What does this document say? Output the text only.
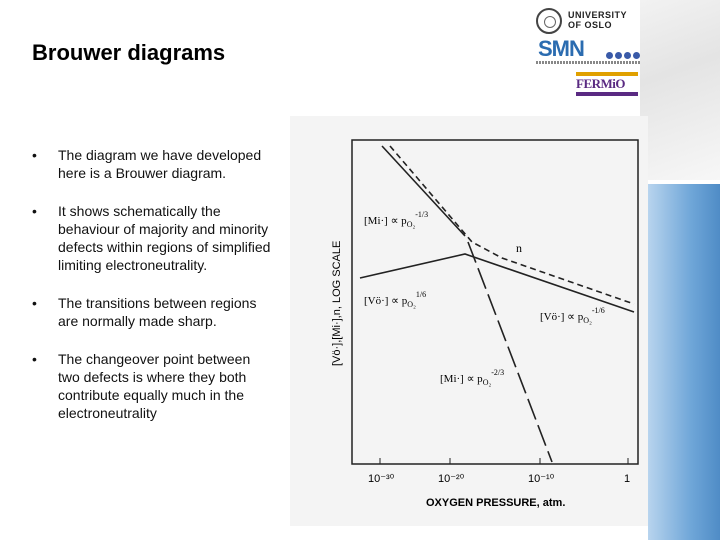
Brouwer diagrams
UNIVERSITY
OF OSLO
SMN
FERMiO
• The diagram we have developed

here is a Brouwer diagram.

• It shows schematically the

behaviour of majority and minority

defects within regions of simplified

limiting electroneutrality.

• The transitions between regions

are normally made sharp.

• The changeover point between

two defects is where they both

contribute equally much in the

electroneutrality

$[Mi\cdot] \propto p_{O_2}^{-1/3}$
n
[Vö·] ∝ $p_{O_2}^{1/6}$
[Vö·] ∝ $p_{O_2}^{-1/6}$
$[Mi\cdot] \propto p_{O_2}^{-2/3}$
[Vö·],[Mi·],n, LOG SCALE
10⁻³⁰	10⁻²⁰	10⁻¹⁰	1
OXYGEN PRESSURE, atm.
